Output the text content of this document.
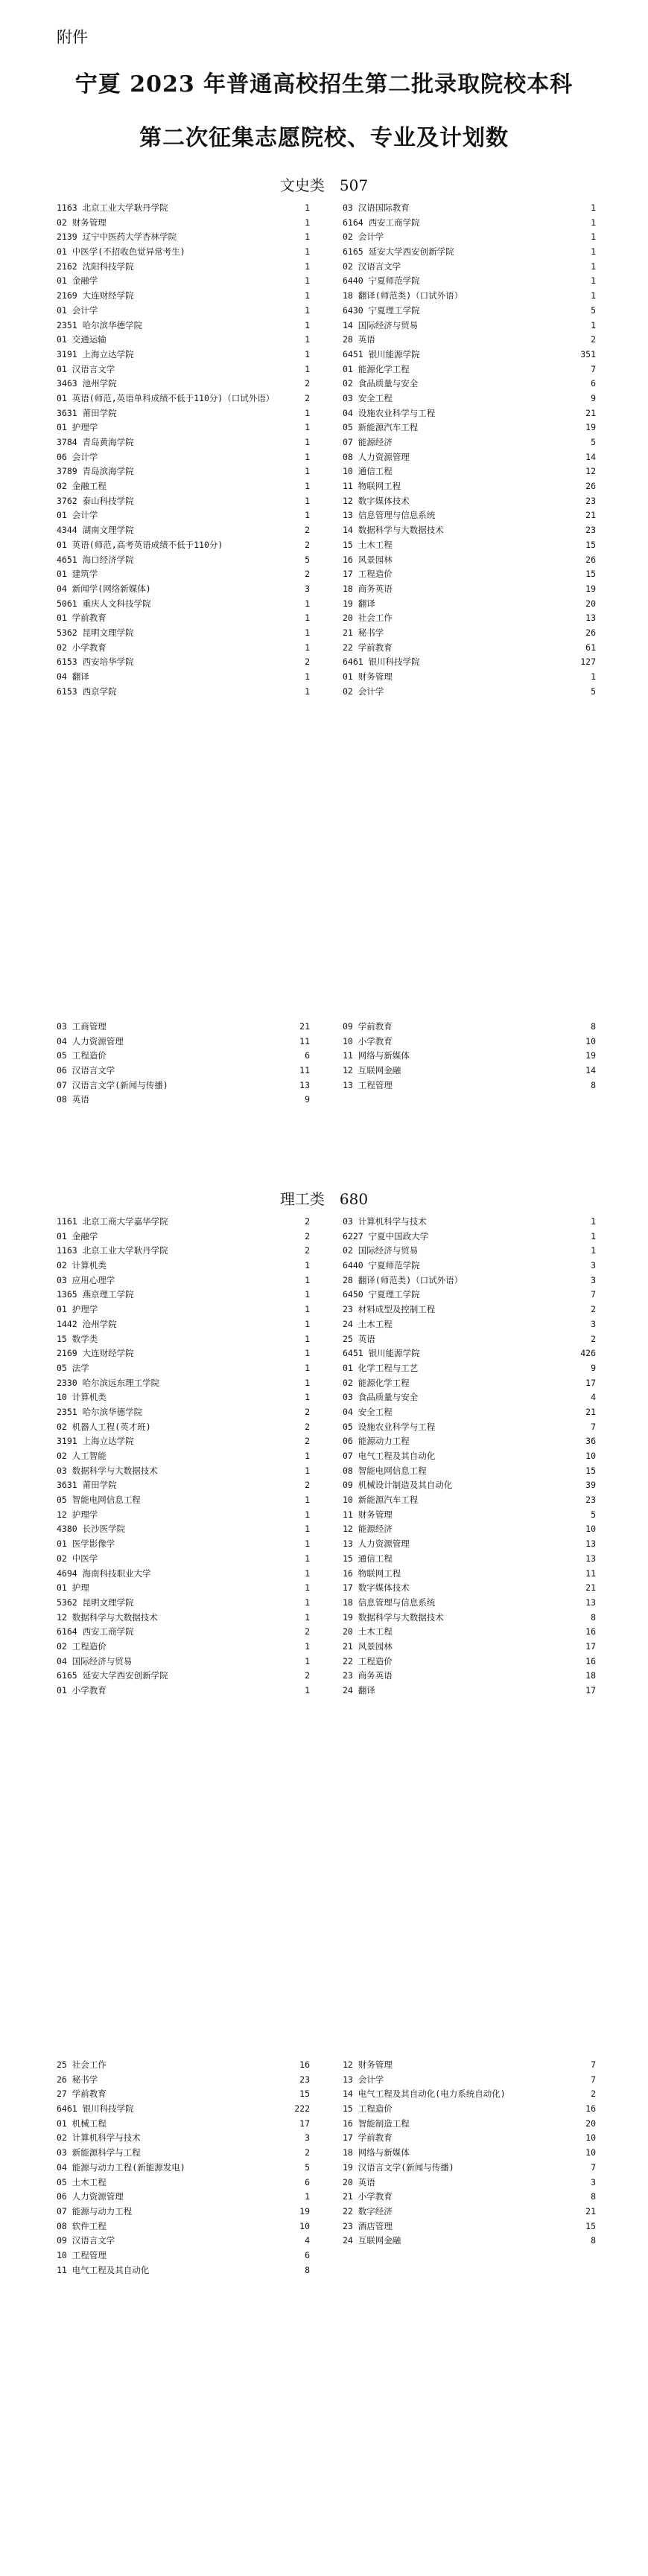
附件
宁夏 2023 年普通高校招生第二批录取院校本科
第二次征集志愿院校、专业及计划数
文史类　507
1163 北京工业大学耿丹学院	1
02 财务管理	1
2139 辽宁中医药大学杏林学院	1
01 中医学(不招收色觉异常考生)	1
2162 沈阳科技学院	1
01 金融学	1
2169 大连财经学院	1
01 会计学	1
2351 哈尔滨华德学院	1
01 交通运输	1
3191 上海立达学院	1
01 汉语言文学	1
3463 池州学院	2
01 英语(师范,英语单科成绩不低于110分)（口试外语）	2
3631 莆田学院	1
01 护理学	1
3784 青岛黄海学院	1
06 会计学	1
3789 青岛滨海学院	1
02 金融工程	1
3762 泰山科技学院	1
01 会计学	1
4344 湖南文理学院	2
01 英语(师范,高考英语成绩不低于110分)	2
4651 海口经济学院	5
01 建筑学	2
04 新闻学(网络新媒体)	3
5061 重庆人文科技学院	1
01 学前教育	1
5362 昆明文理学院	1
02 小学教育	1
6153 西安培华学院	2
04 翻译	1
6153 西京学院	1
03 汉语国际教育	1
6164 西安工商学院	1
02 会计学	1
6165 延安大学西安创新学院	1
02 汉语言文学	1
6440 宁夏师范学院	1
18 翻译(师范类)（口试外语）	1
6430 宁夏理工学院	5
14 国际经济与贸易	1
28 英语	2
6451 银川能源学院	351
01 能源化学工程	7
02 食品质量与安全	6
03 安全工程	9
04 设施农业科学与工程	21
05 新能源汽车工程	19
07 能源经济	5
08 人力资源管理	14
10 通信工程	12
11 物联网工程	26
12 数字媒体技术	23
13 信息管理与信息系统	21
14 数据科学与大数据技术	23
15 土木工程	15
16 风景园林	26
17 工程造价	15
18 商务英语	19
19 翻译	20
20 社会工作	13
21 秘书学	26
22 学前教育	61
6461 银川科技学院	127
01 财务管理	1
02 会计学	5
03 工商管理	21
04 人力资源管理	11
05 工程造价	6
06 汉语言文学	11
07 汉语言文学(新闻与传播)	13
08 英语	9
09 学前教育	8
10 小学教育	10
11 网络与新媒体	19
12 互联网金融	14
13 工程管理	8
理工类　680
1161 北京工商大学嘉华学院	2
01 金融学	2
1163 北京工业大学耿丹学院	2
02 计算机类	1
03 应用心理学	1
1365 燕京理工学院	1
01 护理学	1
1442 沧州学院	1
15 数学类	1
2169 大连财经学院	1
05 法学	1
2330 哈尔滨远东理工学院	1
10 计算机类	1
2351 哈尔滨华德学院	2
02 机器人工程(英才班)	2
3191 上海立达学院	2
02 人工智能	1
03 数据科学与大数据技术	1
3631 莆田学院	2
05 智能电网信息工程	1
12 护理学	1
4380 长沙医学院	1
01 医学影像学	1
02 中医学	1
4694 海南科技职业大学	1
01 护理	1
5362 昆明文理学院	1
12 数据科学与大数据技术	1
6164 西安工商学院	2
02 工程造价	1
04 国际经济与贸易	1
6165 延安大学西安创新学院	2
01 小学教育	1
03 计算机科学与技术	1
6227 宁夏中国政大学	1
02 国际经济与贸易	1
6440 宁夏师范学院	3
28 翻译(师范类)（口试外语）	3
6450 宁夏理工学院	7
23 材料成型及控制工程	2
24 土木工程	3
25 英语	2
6451 银川能源学院	426
01 化学工程与工艺	9
02 能源化学工程	17
03 食品质量与安全	4
04 安全工程	21
05 设施农业科学与工程	7
06 能源动力工程	36
07 电气工程及其自动化	10
08 智能电网信息工程	15
09 机械设计制造及其自动化	39
10 新能源汽车工程	23
11 财务管理	5
12 能源经济	10
13 人力资源管理	13
15 通信工程	13
16 物联网工程	11
17 数字媒体技术	21
18 信息管理与信息系统	13
19 数据科学与大数据技术	8
20 土木工程	16
21 风景园林	17
22 工程造价	16
23 商务英语	18
24 翻译	17
25 社会工作	16
26 秘书学	23
27 学前教育	15
6461 银川科技学院	222
01 机械工程	17
02 计算机科学与技术	3
03 新能源科学与工程	2
04 能源与动力工程(新能源发电)	5
05 土木工程	6
06 人力资源管理	1
07 能源与动力工程	19
08 软件工程	10
09 汉语言文学	4
10 工程管理	6
11 电气工程及其自动化	8
12 财务管理	7
13 会计学	7
14 电气工程及其自动化(电力系统自动化)	2
15 工程造价	16
16 智能制造工程	20
17 学前教育	10
18 网络与新媒体	10
19 汉语言文学(新闻与传播)	7
20 英语	3
21 小学教育	8
22 数字经济	21
23 酒店管理	15
24 互联网金融	8
